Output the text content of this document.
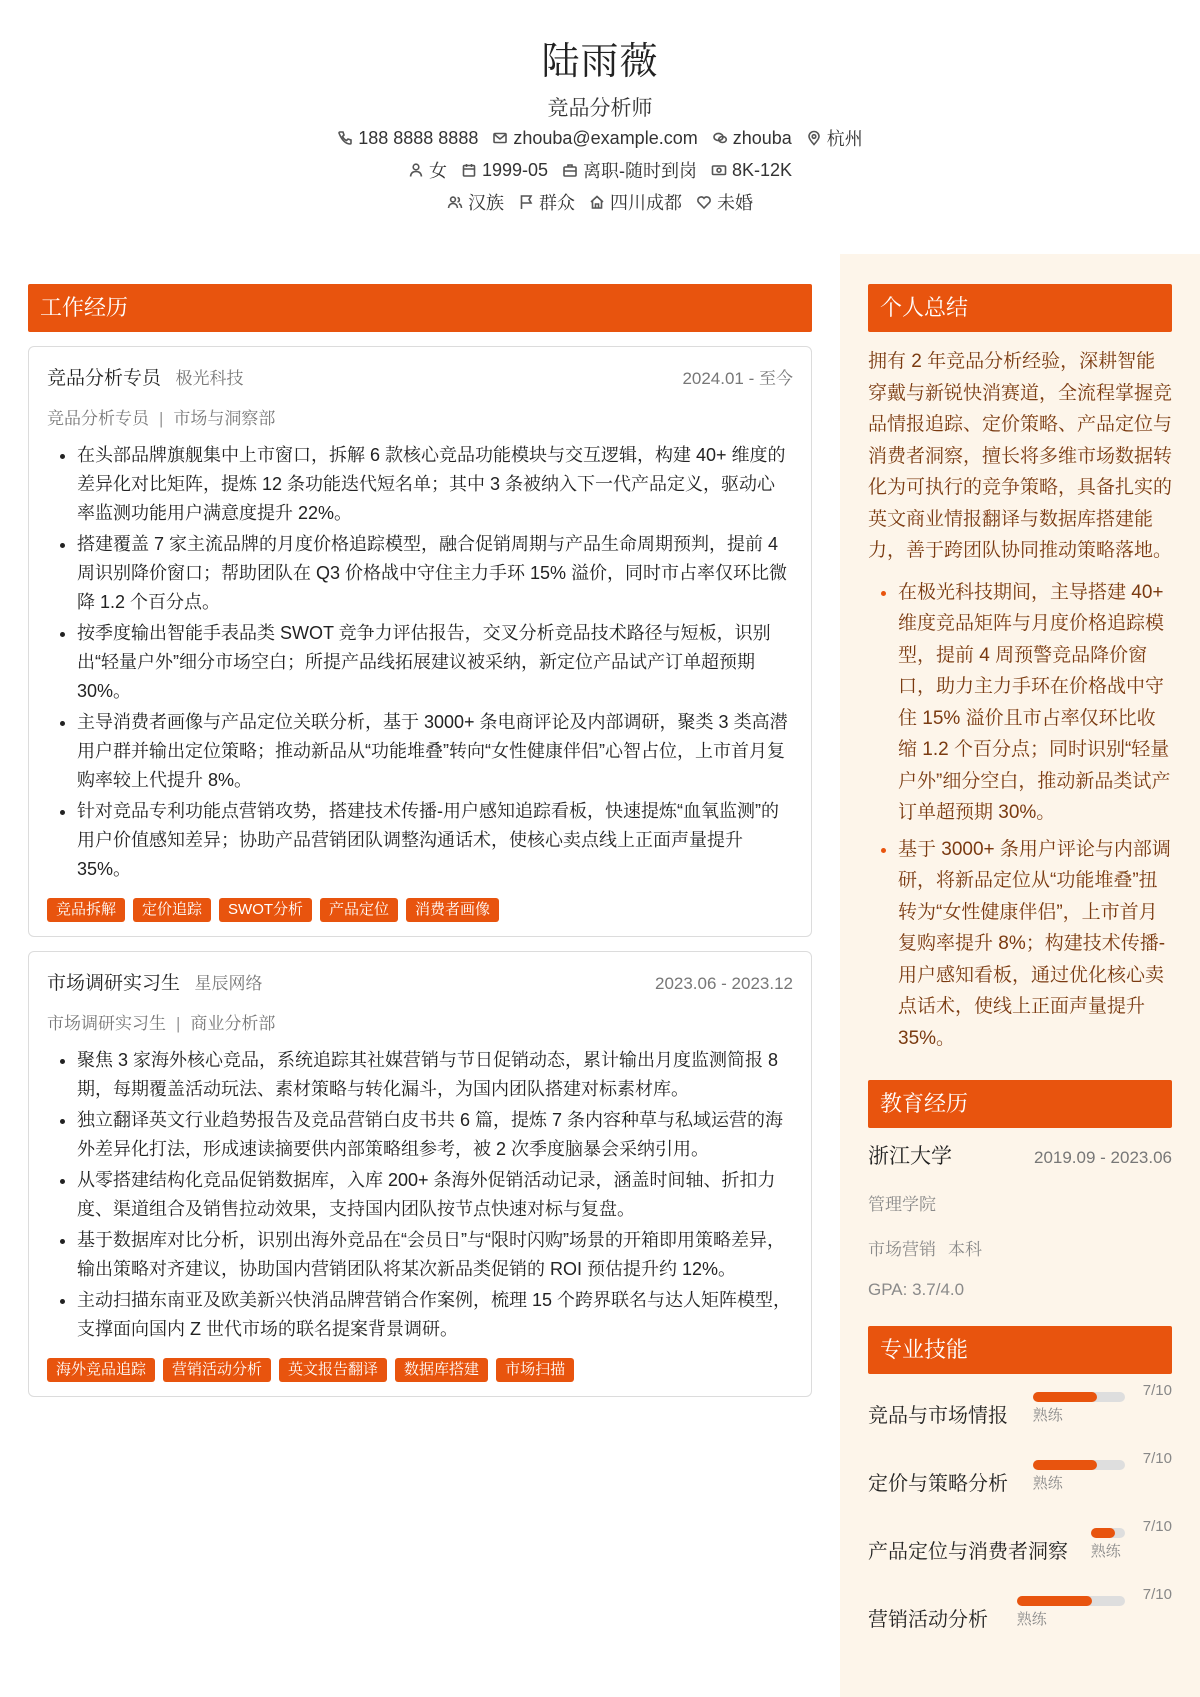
陆雨薇
竞品分析师
188 8888 8888 zhouba@example.com zhouba 杭州
女 1999-05 离职-随时到岗 8K-12K
汉族 群众 四川成都 未婚
工作经历
竞品分析专员 极光科技	2024.01 - 至今
竞品分析专员 | 市场与洞察部
• 在头部品牌旗舰集中上市窗口，拆解 6 款核心竞品功能模块与交互逻辑，构建 40+ 维度的差异化对比矩阵，提炼 12 条功能迭代短名单；其中 3 条被纳入下一代产品定义，驱动心率监测功能用户满意度提升 22%。
• 搭建覆盖 7 家主流品牌的月度价格追踪模型，融合促销周期与产品生命周期预判，提前 4 周识别降价窗口；帮助团队在 Q3 价格战中守住主力手环 15% 溢价，同时市占率仅环比微降 1.2 个百分点。
• 按季度输出智能手表品类 SWOT 竞争力评估报告，交叉分析竞品技术路径与短板，识别出“轻量户外”细分市场空白；所提产品线拓展建议被采纳，新定位产品试产订单超预期 30%。
• 主导消费者画像与产品定位关联分析，基于 3000+ 条电商评论及内部调研，聚类 3 类高潜用户群并输出定位策略；推动新品从“功能堆叠”转向“女性健康伴侣”心智占位，上市首月复购率较上代提升 8%。
• 针对竞品专利功能点营销攻势，搭建技术传播-用户感知追踪看板，快速提炼“血氧监测”的用户价值感知差异；协助产品营销团队调整沟通话术，使核心卖点线上正面声量提升 35%。
竞品拆解	定价追踪	SWOT分析	产品定位	消费者画像
市场调研实习生 星辰网络	2023.06 - 2023.12
市场调研实习生 | 商业分析部
• 聚焦 3 家海外核心竞品，系统追踪其社媒营销与节日促销动态，累计输出月度监测简报 8 期，每期覆盖活动玩法、素材策略与转化漏斗，为国内团队搭建对标素材库。
• 独立翻译英文行业趋势报告及竞品营销白皮书共 6 篇，提炼 7 条内容种草与私域运营的海外差异化打法，形成速读摘要供内部策略组参考，被 2 次季度脑暴会采纳引用。
• 从零搭建结构化竞品促销数据库，入库 200+ 条海外促销活动记录，涵盖时间轴、折扣力度、渠道组合及销售拉动效果，支持国内团队按节点快速对标与复盘。
• 基于数据库对比分析，识别出海外竞品在“会员日”与“限时闪购”场景的开箱即用策略差异，输出策略对齐建议，协助国内营销团队将某次新品类促销的 ROI 预估提升约 12%。
• 主动扫描东南亚及欧美新兴快消品牌营销合作案例，梳理 15 个跨界联名与达人矩阵模型，支撑面向国内 Z 世代市场的联名提案背景调研。
海外竞品追踪	营销活动分析	英文报告翻译	数据库搭建	市场扫描
个人总结
拥有 2 年竞品分析经验，深耕智能穿戴与新锐快消赛道，全流程掌握竞品情报追踪、定价策略、产品定位与消费者洞察，擅长将多维市场数据转化为可执行的竞争策略，具备扎实的英文商业情报翻译与数据库搭建能力，善于跨团队协同推动策略落地。
• 在极光科技期间，主导搭建 40+ 维度竞品矩阵与月度价格追踪模型，提前 4 周预警竞品降价窗口，助力主力手环在价格战中守住 15% 溢价且市占率仅环比收缩 1.2 个百分点；同时识别“轻量户外”细分空白，推动新品类试产订单超预期 30%。
• 基于 3000+ 条用户评论与内部调研，将新品定位从“功能堆叠”扭转为“女性健康伴侣”，上市首月复购率提升 8%；构建技术传播-用户感知看板，通过优化核心卖点话术，使线上正面声量提升 35%。
教育经历
浙江大学	2019.09 - 2023.06
管理学院
市场营销 本科
GPA: 3.7/4.0
专业技能
竞品与市场情报
7/10
熟练
定价与策略分析
7/10
熟练
产品定位与消费者洞察
7/10
熟练
营销活动分析
7/10
熟练
